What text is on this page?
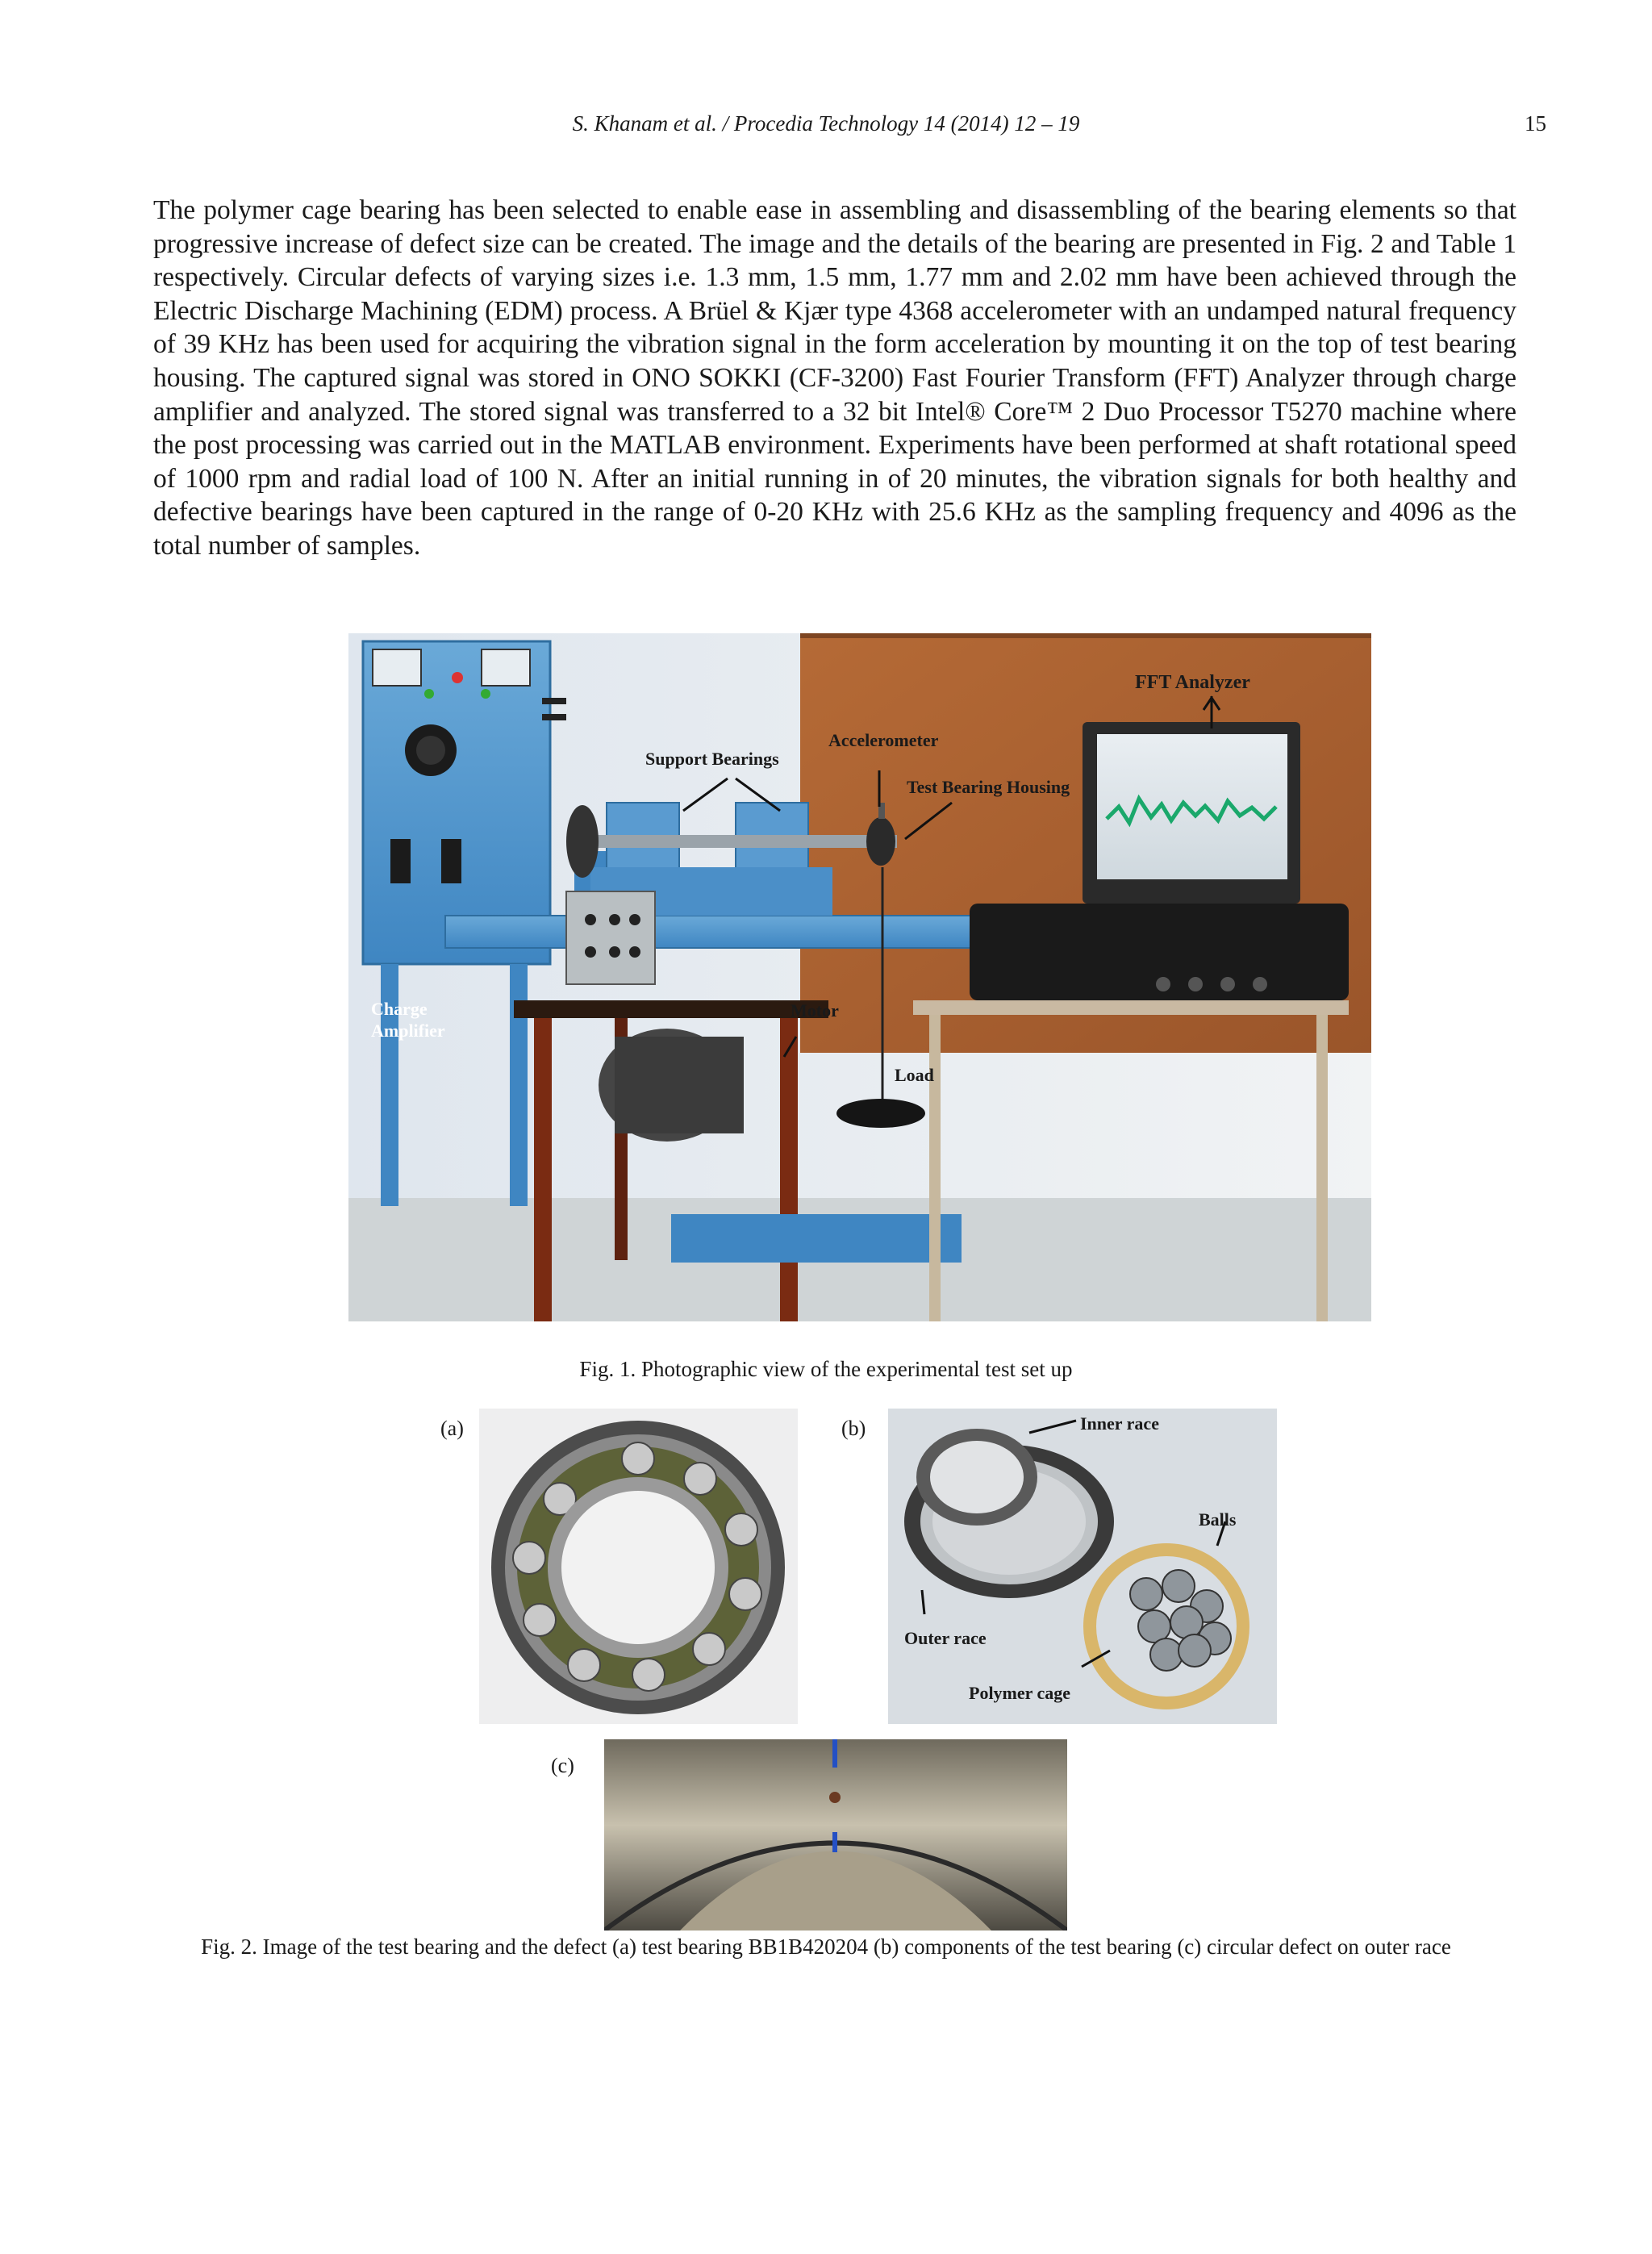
S. Khanam et al. / Procedia Technology 14 (2014) 12 – 19	15
The polymer cage bearing has been selected to enable ease in assembling and disassembling of the bearing elements so that progressive increase of defect size can be created. The image and the details of the bearing are presented in Fig. 2 and Table 1 respectively. Circular defects of varying sizes i.e. 1.3 mm, 1.5 mm, 1.77 mm and 2.02 mm have been achieved through the Electric Discharge Machining (EDM) process. A Brüel & Kjær type 4368 accelerometer with an undamped natural frequency of 39 KHz has been used for acquiring the vibration signal in the form acceleration by mounting it on the top of test bearing housing. The captured signal was stored in ONO SOKKI (CF-3200) Fast Fourier Transform (FFT) Analyzer through charge amplifier and analyzed. The stored signal was transferred to a 32 bit Intel® Core™ 2 Duo Processor T5270 machine where the post processing was carried out in the MATLAB environment. Experiments have been performed at shaft rotational speed of 1000 rpm and radial load of 100 N. After an initial running in of 20 minutes, the vibration signals for both healthy and defective bearings have been captured in the range of 0-20 KHz with 25.6 KHz as the sampling frequency and 4096 as the total number of samples.
FFT Analyzer
Accelerometer
Support Bearings
Test Bearing Housing
Charge
Amplifier
Motor
Load
Fig. 1. Photographic view of the experimental test set up
(a)	(b)
(c)
Inner race
Balls
Outer race
Polymer cage
Fig. 2. Image of the test bearing and the defect (a) test bearing BB1B420204 (b) components of the test bearing (c) circular defect on outer race
